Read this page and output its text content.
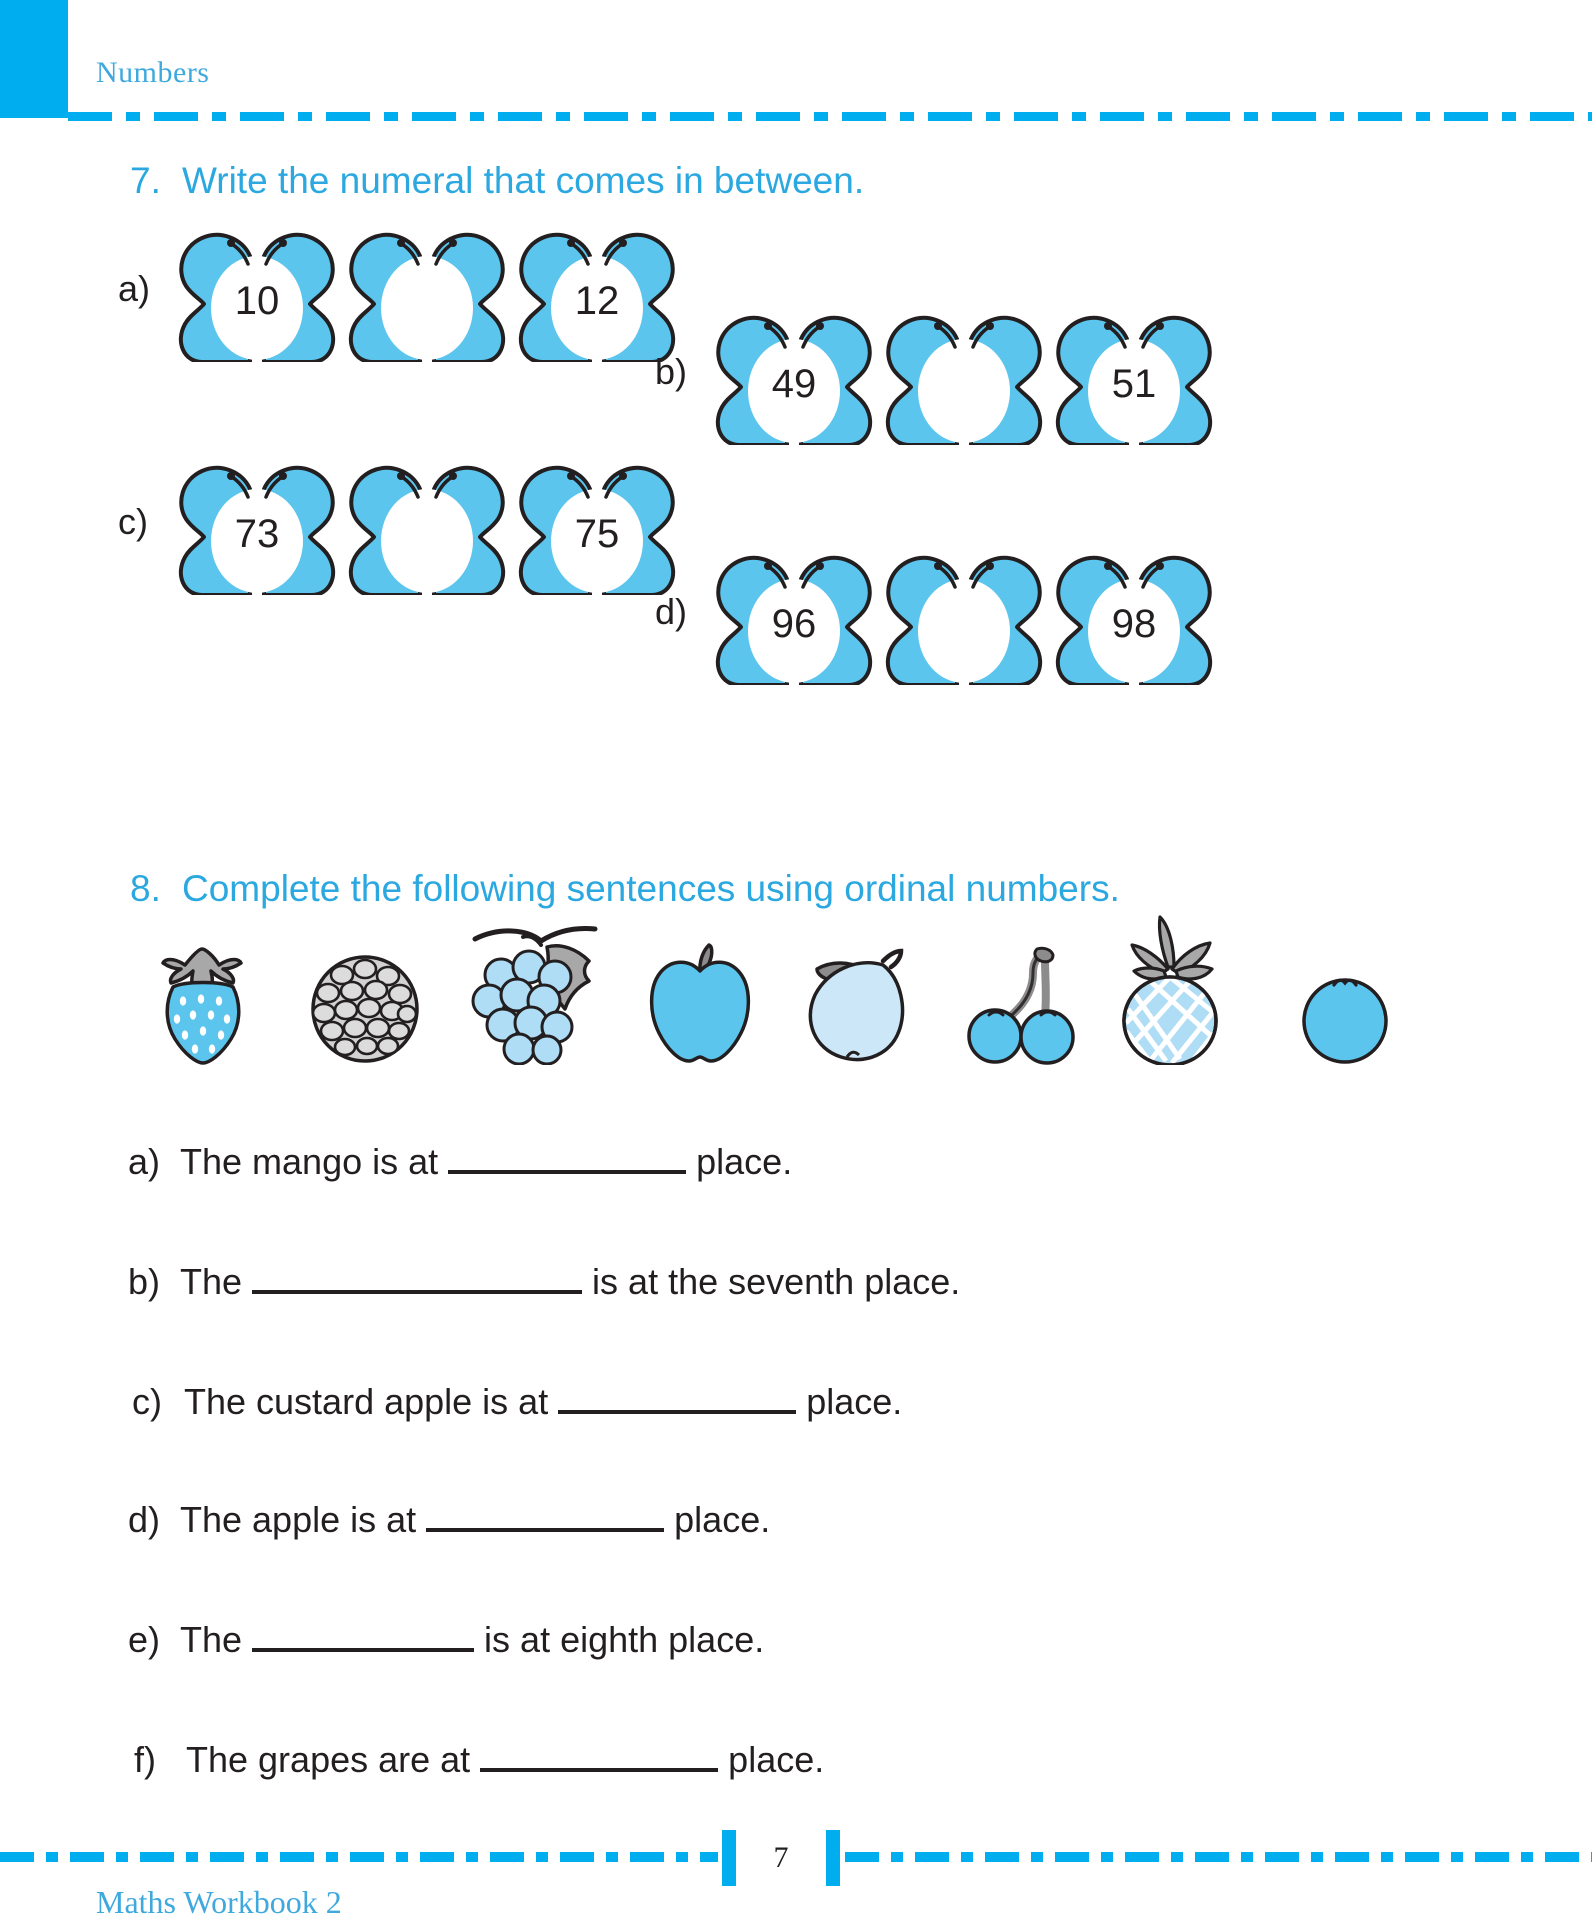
Numbers
7. Write the numeral that comes in between.
a)	10	12
b)	49	51
c)	73	75
d)	96	98
8. Complete the following sentences using ordinal numbers.
a) The mango is at	place.
b) The	is at the seventh place.
c) The custard apple is at	place.
d) The apple is at	place.
e) The	is at eighth place.
f) The grapes are at	place.
7
Maths Workbook 2
